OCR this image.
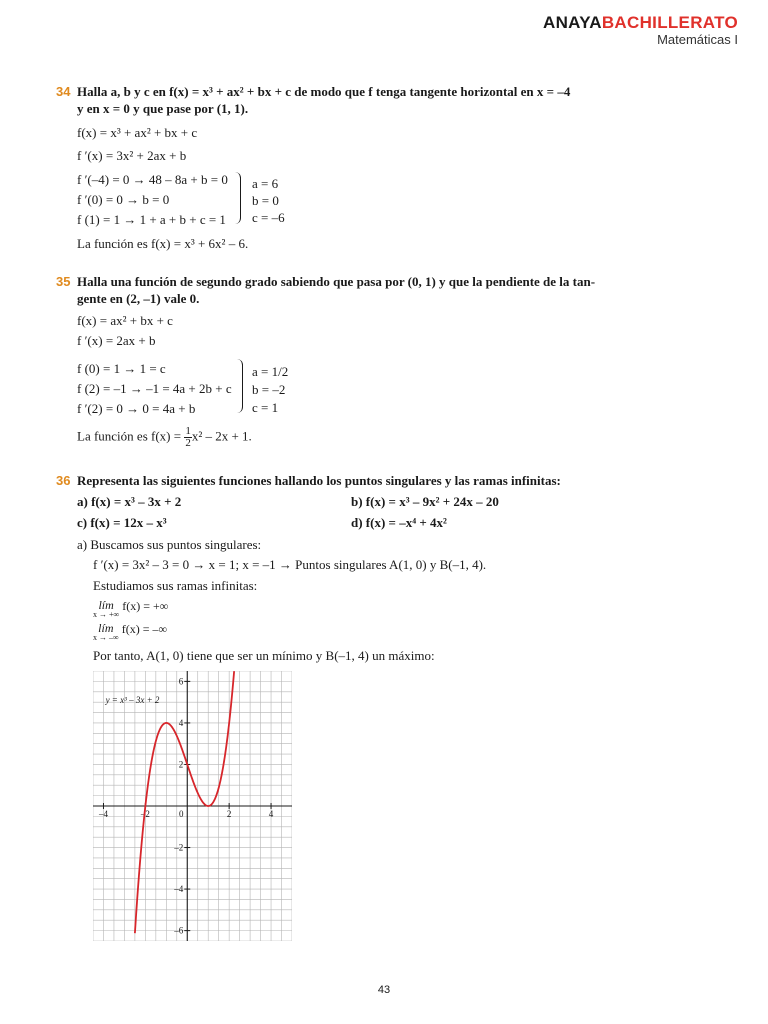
ANAYABACHILLERATO
Matemáticas I
34 Halla a, b y c en f(x) = x³ + ax² + bx + c de modo que f tenga tangente horizontal en x = –4
y en x = 0 y que pase por (1, 1).
f(x) = x³ + ax² + bx + c
f ′(x) = 3x² + 2ax + b
f ′(–4) = 0 → 48 – 8a + b = 0
f ′(0) = 0 → b = 0
f (1) = 1 → 1 + a + b + c = 1
a = 6
b = 0
c = –6
La función es f(x) = x³ + 6x² – 6.
35 Halla una función de segundo grado sabiendo que pasa por (0, 1) y que la pendiente de la tan-
gente en (2, –1) vale 0.
f(x) = ax² + bx + c
f ′(x) = 2ax + b
f (0) = 1 → 1 = c
f (2) = –1 → –1 = 4a + 2b + c
f ′(2) = 0 → 0 = 4a + b
a = 1/2
b = –2
c = 1
La función es $f(x) = \frac{1}{2} x^2 - 2x + 1$.
36 Representa las siguientes funciones hallando los puntos singulares y las ramas infinitas:
a) f(x) = x³ – 3x + 2	b) f(x) = x³ – 9x² + 24x – 20
c) f(x) = 12x – x³	d) f(x) = –x⁴ + 4x²
a) Buscamos sus puntos singulares:
f ′(x) = 3x² – 3 = 0 → x = 1; x = –1 → Puntos singulares A(1, 0) y B(–1, 4).
Estudiamos sus ramas infinitas:
lím
x → +∞
f(x) = +∞
lím
x → –∞
f(x) = –∞
Por tanto, A(1, 0) tiene que ser un mínimo y B(–1, 4) un máximo:
–4	–2	0	2	4
6
4
2
–2
–4
–6
y = x³ – 3x + 2
43
